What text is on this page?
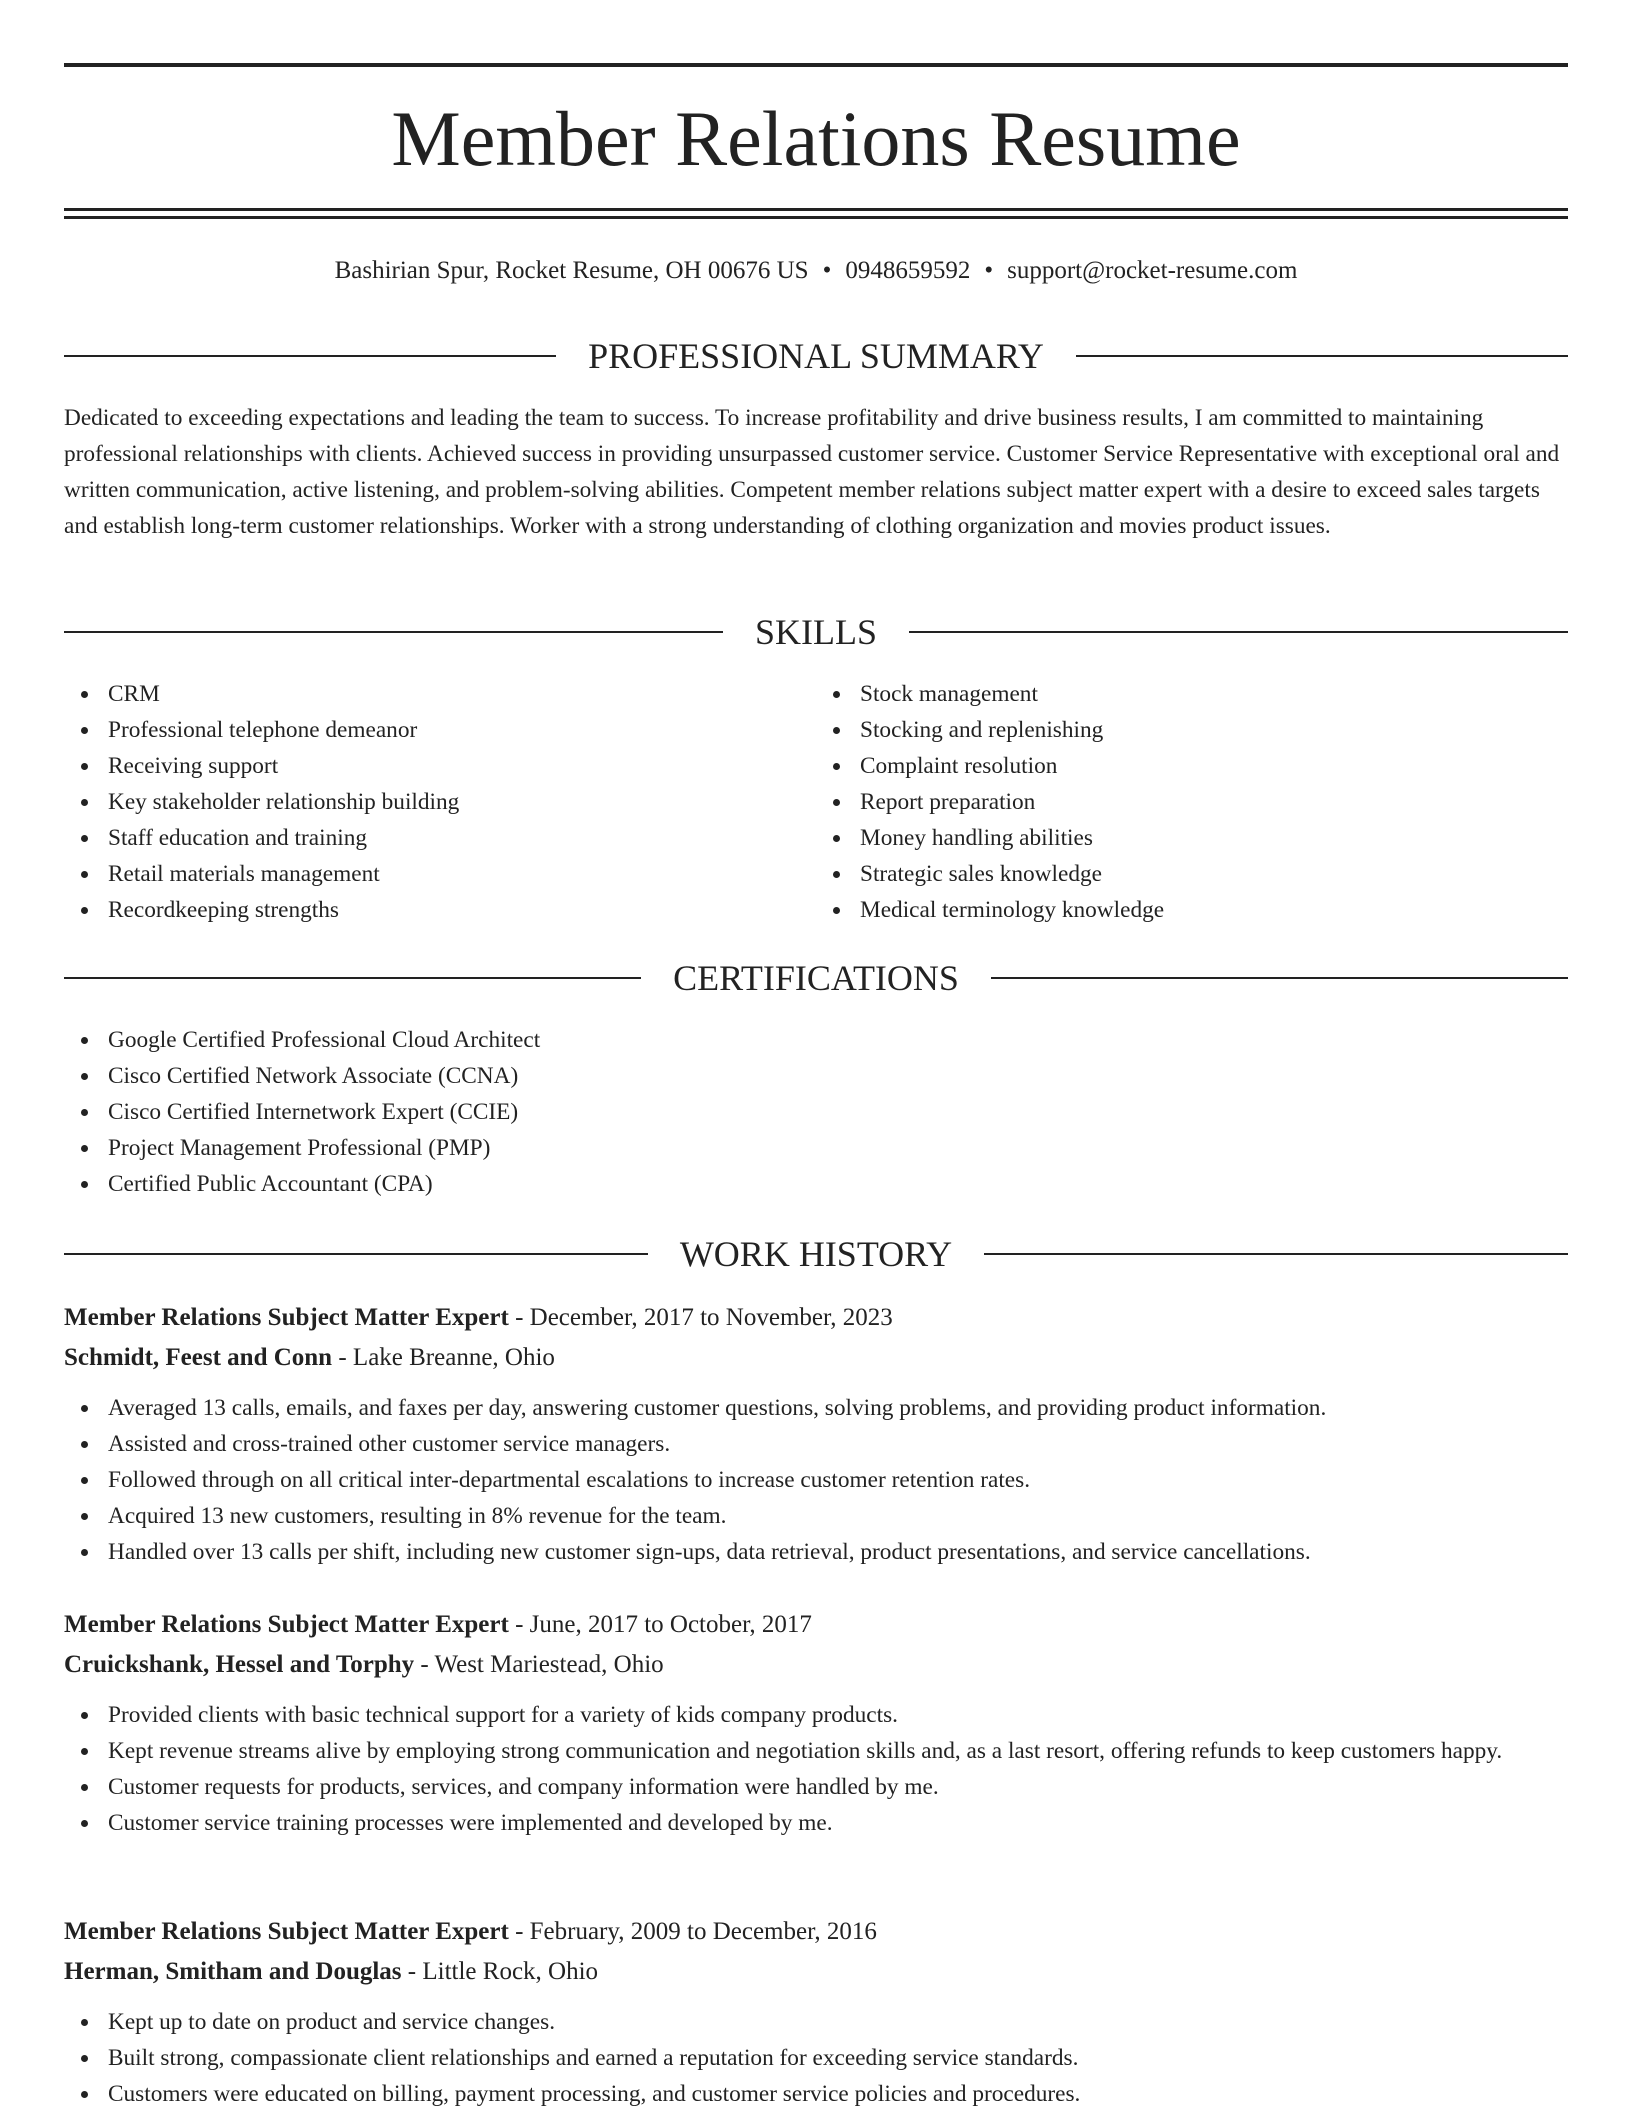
Member Relations Resume
Bashirian Spur, Rocket Resume, OH 00676 US • 0948659592 • support@rocket-resume.com
PROFESSIONAL SUMMARY

Dedicated to exceeding expectations and leading the team to success. To increase profitability and drive business results, I am committed to maintaining professional relationships with clients. Achieved success in providing unsurpassed customer service. Customer Service Representative with exceptional oral and written communication, active listening, and problem-solving abilities. Competent member relations subject matter expert with a desire to exceed sales targets and establish long-term customer relationships. Worker with a strong understanding of clothing organization and movies product issues.

SKILLS
CRM
Professional telephone demeanor
Receiving support
Key stakeholder relationship building
Staff education and training
Retail materials management
Recordkeeping strengths
Stock management
Stocking and replenishing
Complaint resolution
Report preparation
Money handling abilities
Strategic sales knowledge
Medical terminology knowledge
CERTIFICATIONS
Google Certified Professional Cloud Architect
Cisco Certified Network Associate (CCNA)
Cisco Certified Internetwork Expert (CCIE)
Project Management Professional (PMP)
Certified Public Accountant (CPA)
WORK HISTORY
Member Relations Subject Matter Expert - December, 2017 to November, 2023
Schmidt, Feest and Conn - Lake Breanne, Ohio
Averaged 13 calls, emails, and faxes per day, answering customer questions, solving problems, and providing product information.
Assisted and cross-trained other customer service managers.
Followed through on all critical inter-departmental escalations to increase customer retention rates.
Acquired 13 new customers, resulting in 8% revenue for the team.
Handled over 13 calls per shift, including new customer sign-ups, data retrieval, product presentations, and service cancellations.
Member Relations Subject Matter Expert - June, 2017 to October, 2017
Cruickshank, Hessel and Torphy - West Mariestead, Ohio
Provided clients with basic technical support for a variety of kids company products.
Kept revenue streams alive by employing strong communication and negotiation skills and, as a last resort, offering refunds to keep customers happy.
Customer requests for products, services, and company information were handled by me.
Customer service training processes were implemented and developed by me.
Member Relations Subject Matter Expert - February, 2009 to December, 2016
Herman, Smitham and Douglas - Little Rock, Ohio
Kept up to date on product and service changes.
Built strong, compassionate client relationships and earned a reputation for exceeding service standards.
Customers were educated on billing, payment processing, and customer service policies and procedures.
